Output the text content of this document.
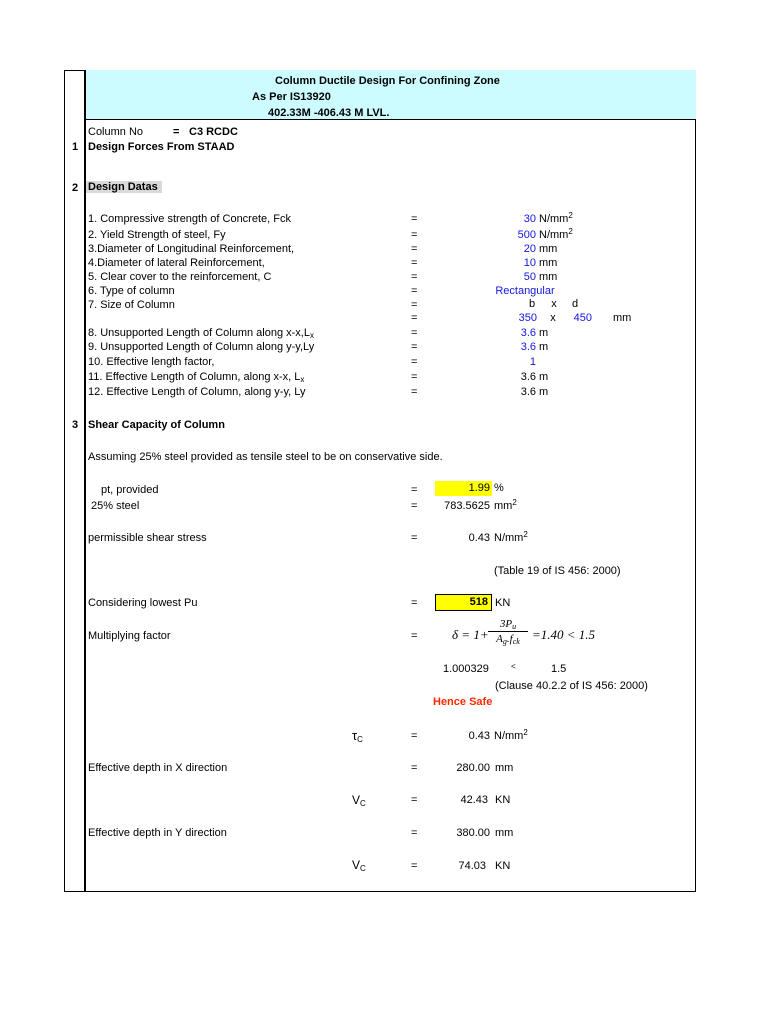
Column Ductile Design For Confining Zone
As Per IS13920
402.33M -406.43 M LVL.
Column No	= C3 RCDC
1 Design Forces From STAAD
2 Design Datas
1. Compressive strength of Concrete, Fck	=	30 $N/mm^2$
2. Yield Strength of steel, Fy	=	500 $N/mm^2$
3.Diameter of Longitudinal Reinforcement,	=	20 mm
4.Diameter of lateral Reinforcement,	=	10 mm
5. Clear cover to the reinforcement, C	=	50 mm
6. Type of column	=	Rectangular
7. Size of Column	=
=
b	x	d
350	x	450 mm
8. Unsupported Length of Column along $x-x,L_x$	=	3.6 m
9. Unsupported Length of Column along y-y,Ly	=	3.6 m
10. Effective length factor,	=	1
11. Effective Length of Column, along x-x, $L_x$	=	3.6 m
12. Effective Length of Column, along y-y, Ly	=	3.6 m
3 Shear Capacity of Column
Assuming 25% steel provided as tensile steel to be on conservative side.
pt, provided	=	1.99 %
25% steel	=	783.5625 $mm^2$
permissible shear stress	=	0.43 $N/mm^2$
(Table 19 of IS 456: 2000)
Considering lowest Pu	=	518 KN
Multiplying factor	=	δ = 1+
$3P_u$
$A_g.f_{ck} =1.40 < 1.5$
1.000329	<	1.5
(Clause 40.2.2 of IS 456: 2000)
Hence Safe
$\tau_C$	=	0.43 $N/mm^2$
Effective depth in X direction	=	280.00 mm
$V_C$	=	42.43 KN
Effective depth in Y direction	=	380.00 mm
$V_C$	=	74.03 KN
